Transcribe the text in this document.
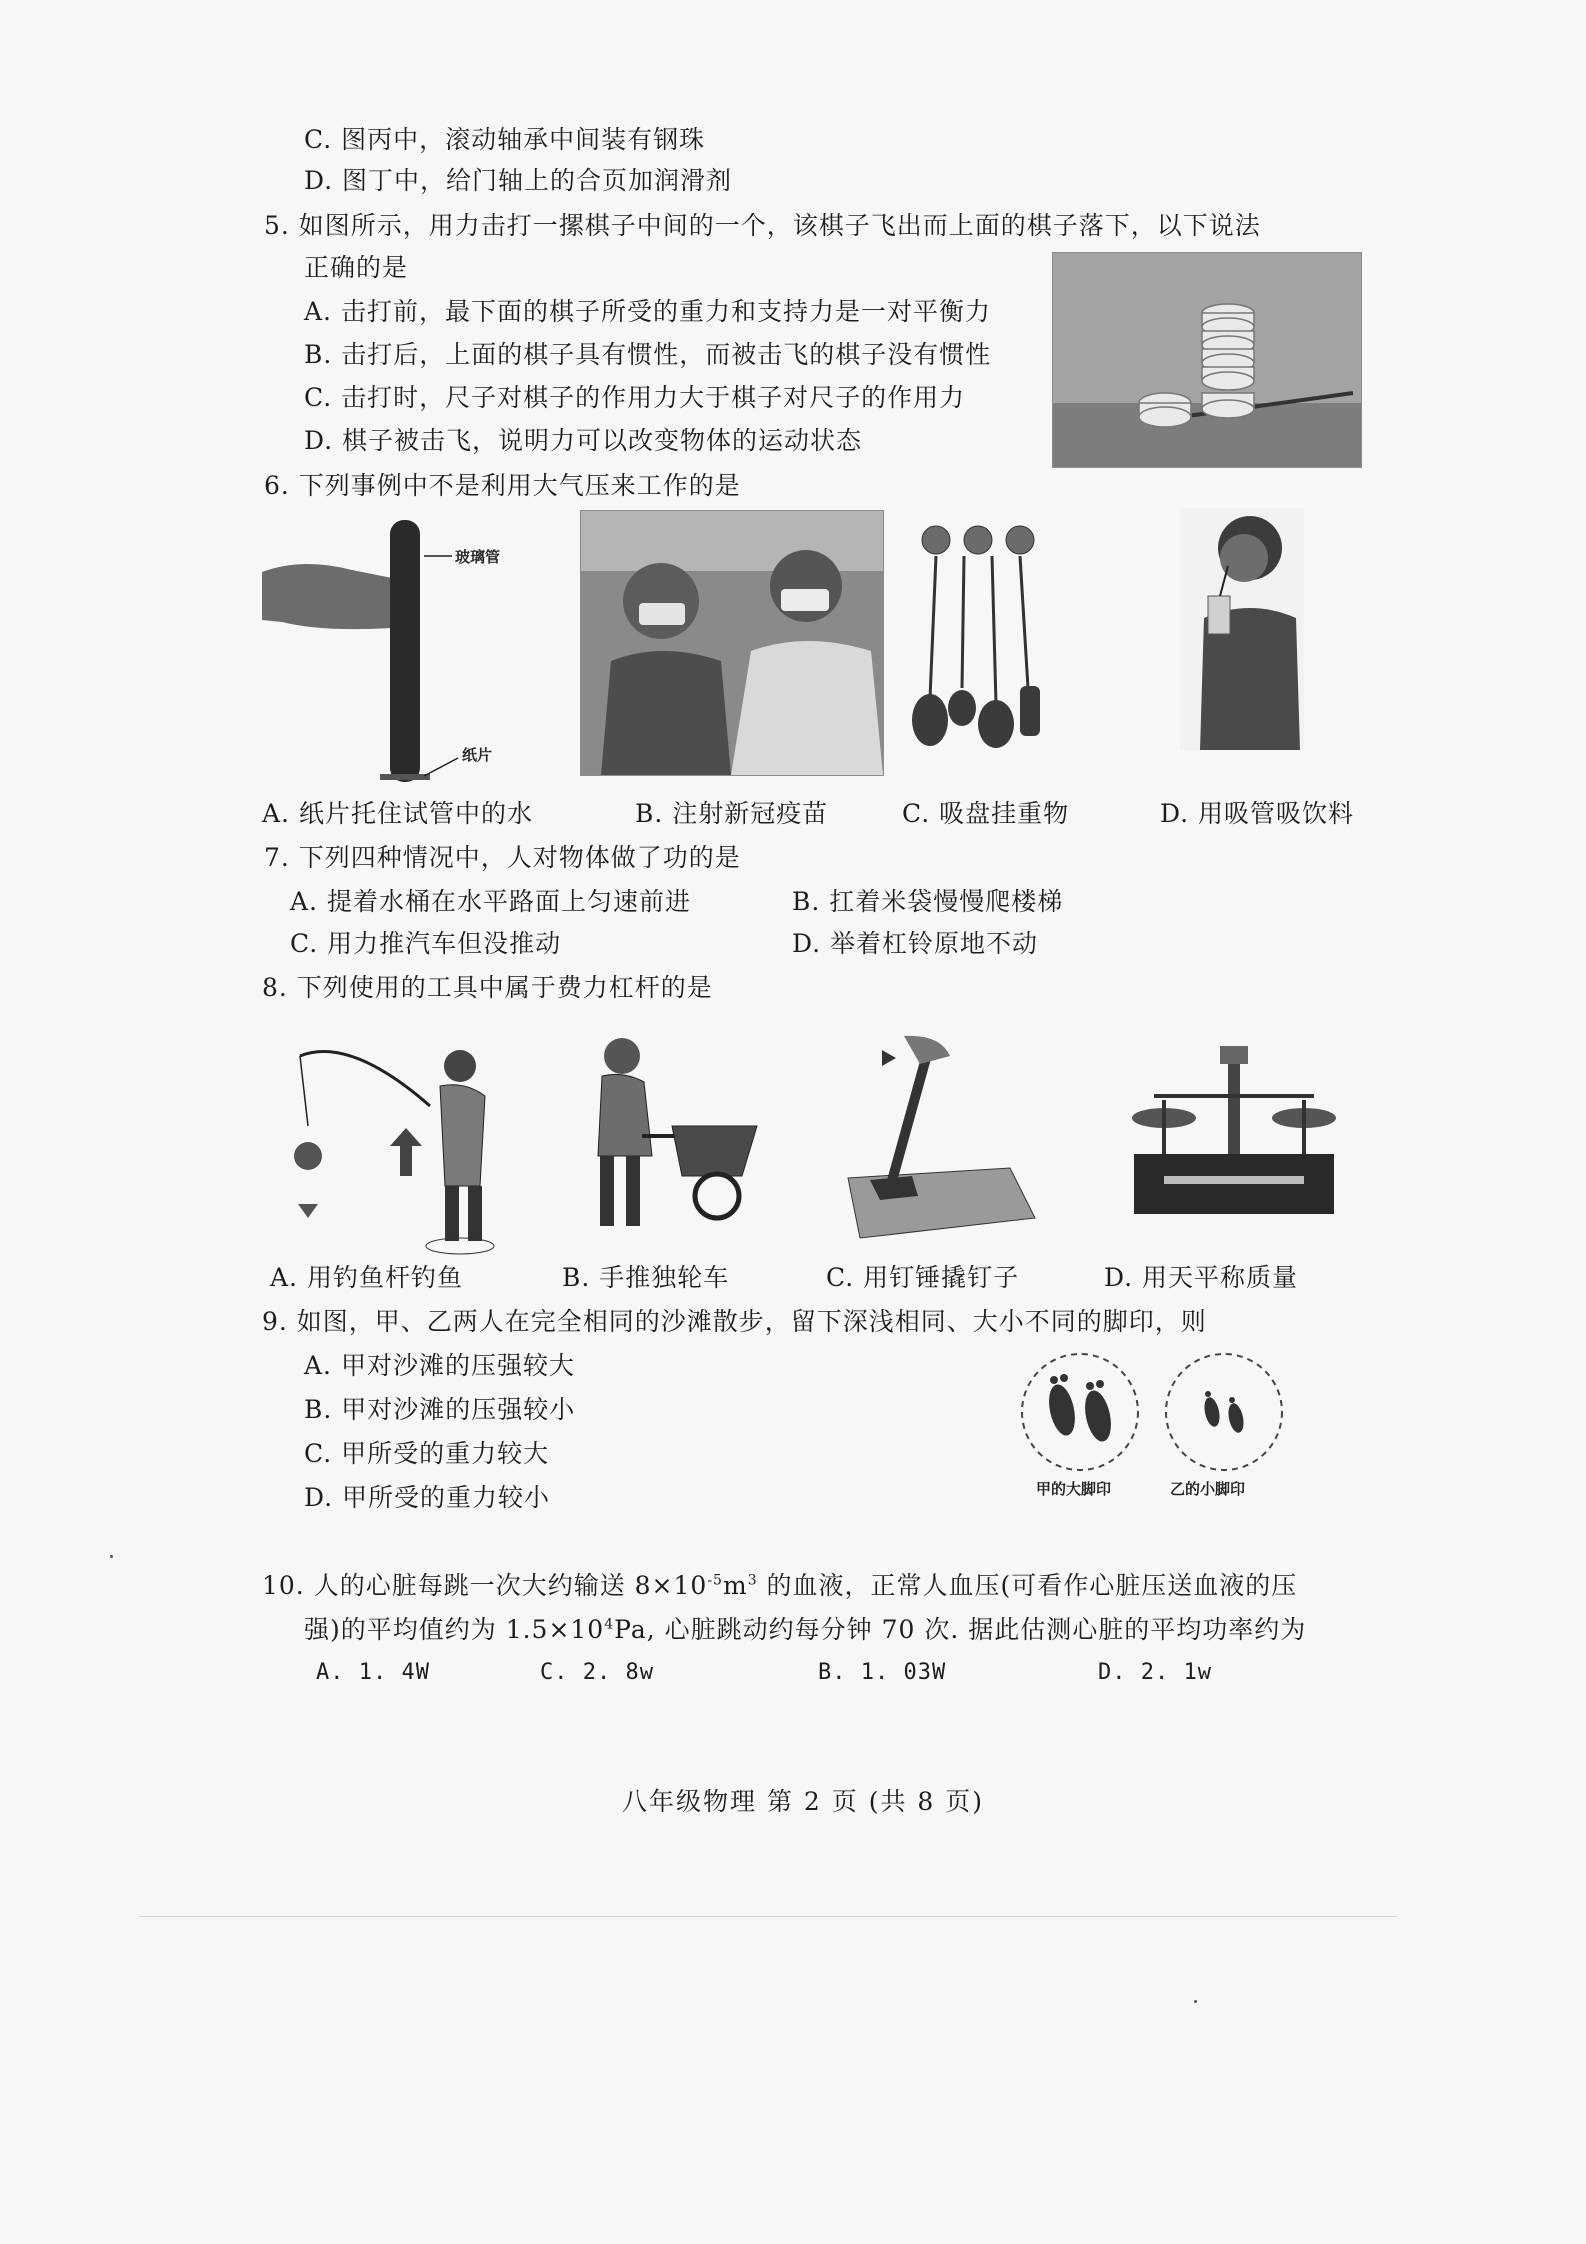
C. 图丙中，滚动轴承中间装有钢珠
D. 图丁中，给门轴上的合页加润滑剂
5. 如图所示，用力击打一摞棋子中间的一个，该棋子飞出而上面的棋子落下，以下说法
正确的是
A. 击打前，最下面的棋子所受的重力和支持力是一对平衡力
B. 击打后，上面的棋子具有惯性，而被击飞的棋子没有惯性
C. 击打时，尺子对棋子的作用力大于棋子对尺子的作用力
D. 棋子被击飞，说明力可以改变物体的运动状态
6. 下列事例中不是利用大气压来工作的是
玻璃管
纸片
A. 纸片托住试管中的水	B. 注射新冠疫苗	C. 吸盘挂重物	D. 用吸管吸饮料
7. 下列四种情况中，人对物体做了功的是
A. 提着水桶在水平路面上匀速前进	B. 扛着米袋慢慢爬楼梯
C. 用力推汽车但没推动	D. 举着杠铃原地不动
8. 下列使用的工具中属于费力杠杆的是
A. 用钓鱼杆钓鱼	B. 手推独轮车	C. 用钉锤撬钉子	D. 用天平称质量
9. 如图，甲、乙两人在完全相同的沙滩散步，留下深浅相同、大小不同的脚印，则
A. 甲对沙滩的压强较大
B. 甲对沙滩的压强较小
C. 甲所受的重力较大
D. 甲所受的重力较小	甲的大脚印	乙的小脚印
10. 人的心脏每跳一次大约输送 $8\times 10^{-5}m^3$ 的血液，正常人血压(可看作心脏压送血液的压
强)的平均值约为 $1.5\times 10^4Pa$, 心脏跳动约每分钟 70 次. 据此估测心脏的平均功率约为
A. 1. 4W	C. 2. 8w	B. 1. 03W	D. 2. 1w
八年级物理 第 2 页 (共 8 页)
